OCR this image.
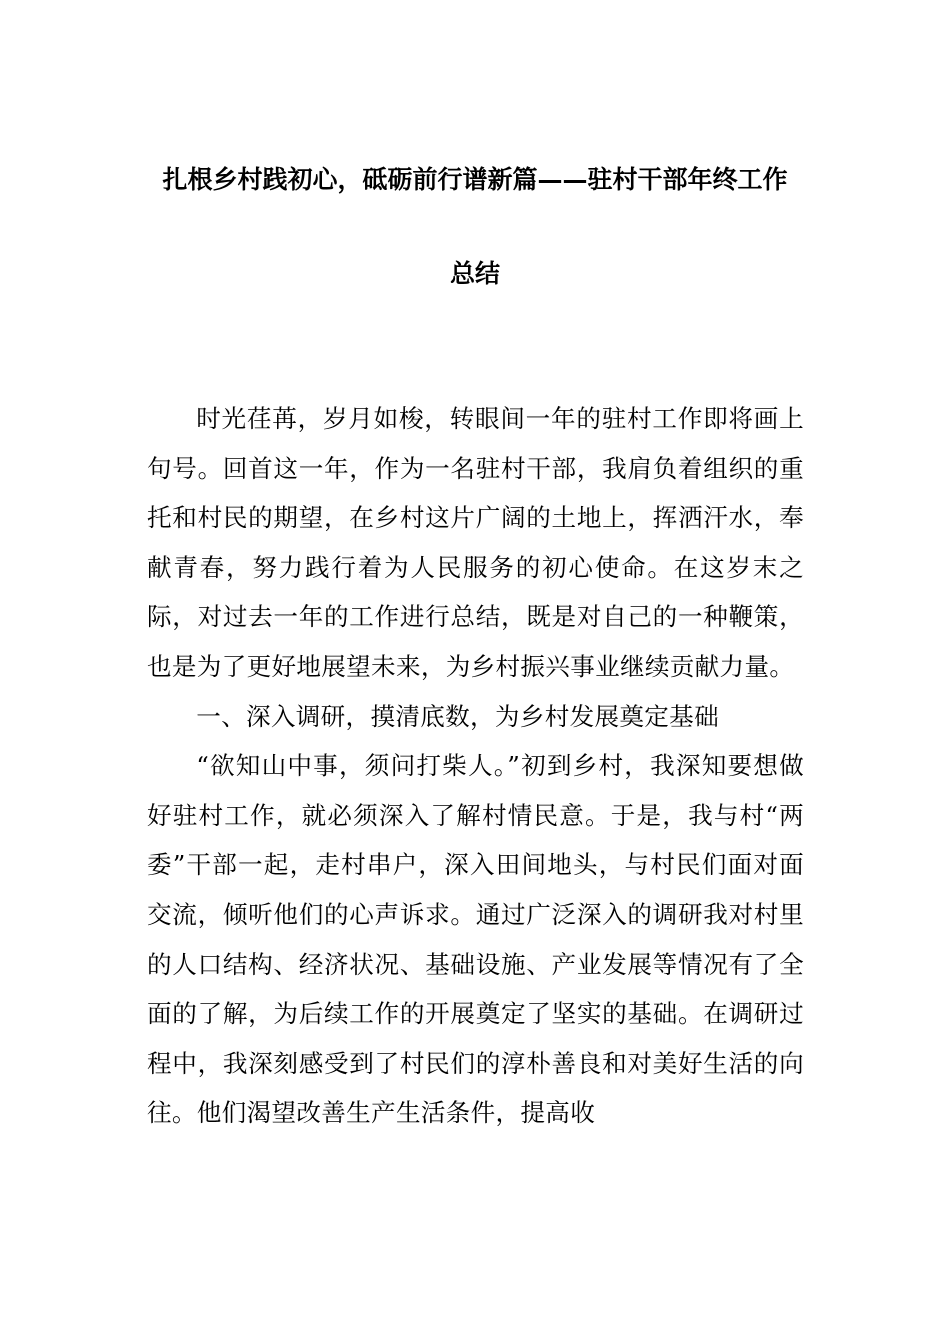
扎根乡村践初心，砥砺前行谱新篇——驻村干部年终工作
总结

时光荏苒，岁月如梭，转眼间一年的驻村工作即将画上句号。回首这一年，作为一名驻村干部，我肩负着组织的重托和村民的期望，在乡村这片广阔的土地上，挥洒汗水，奉献青春，努力践行着为人民服务的初心使命。在这岁末之际，对过去一年的工作进行总结，既是对自己的一种鞭策，也是为了更好地展望未来，为乡村振兴事业继续贡献力量。

一、深入调研，摸清底数，为乡村发展奠定基础

“欲知山中事，须问打柴人。”初到乡村，我深知要想做好驻村工作，就必须深入了解村情民意。于是，我与村“两委”干部一起，走村串户，深入田间地头，与村民们面对面交流，倾听他们的心声诉求。通过广泛深入的调研我对村里的人口结构、经济状况、基础设施、产业发展等情况有了全面的了解，为后续工作的开展奠定了坚实的基础。在调研过程中，我深刻感受到了村民们的淳朴善良和对美好生活的向往。他们渴望改善生产生活条件，提高收
